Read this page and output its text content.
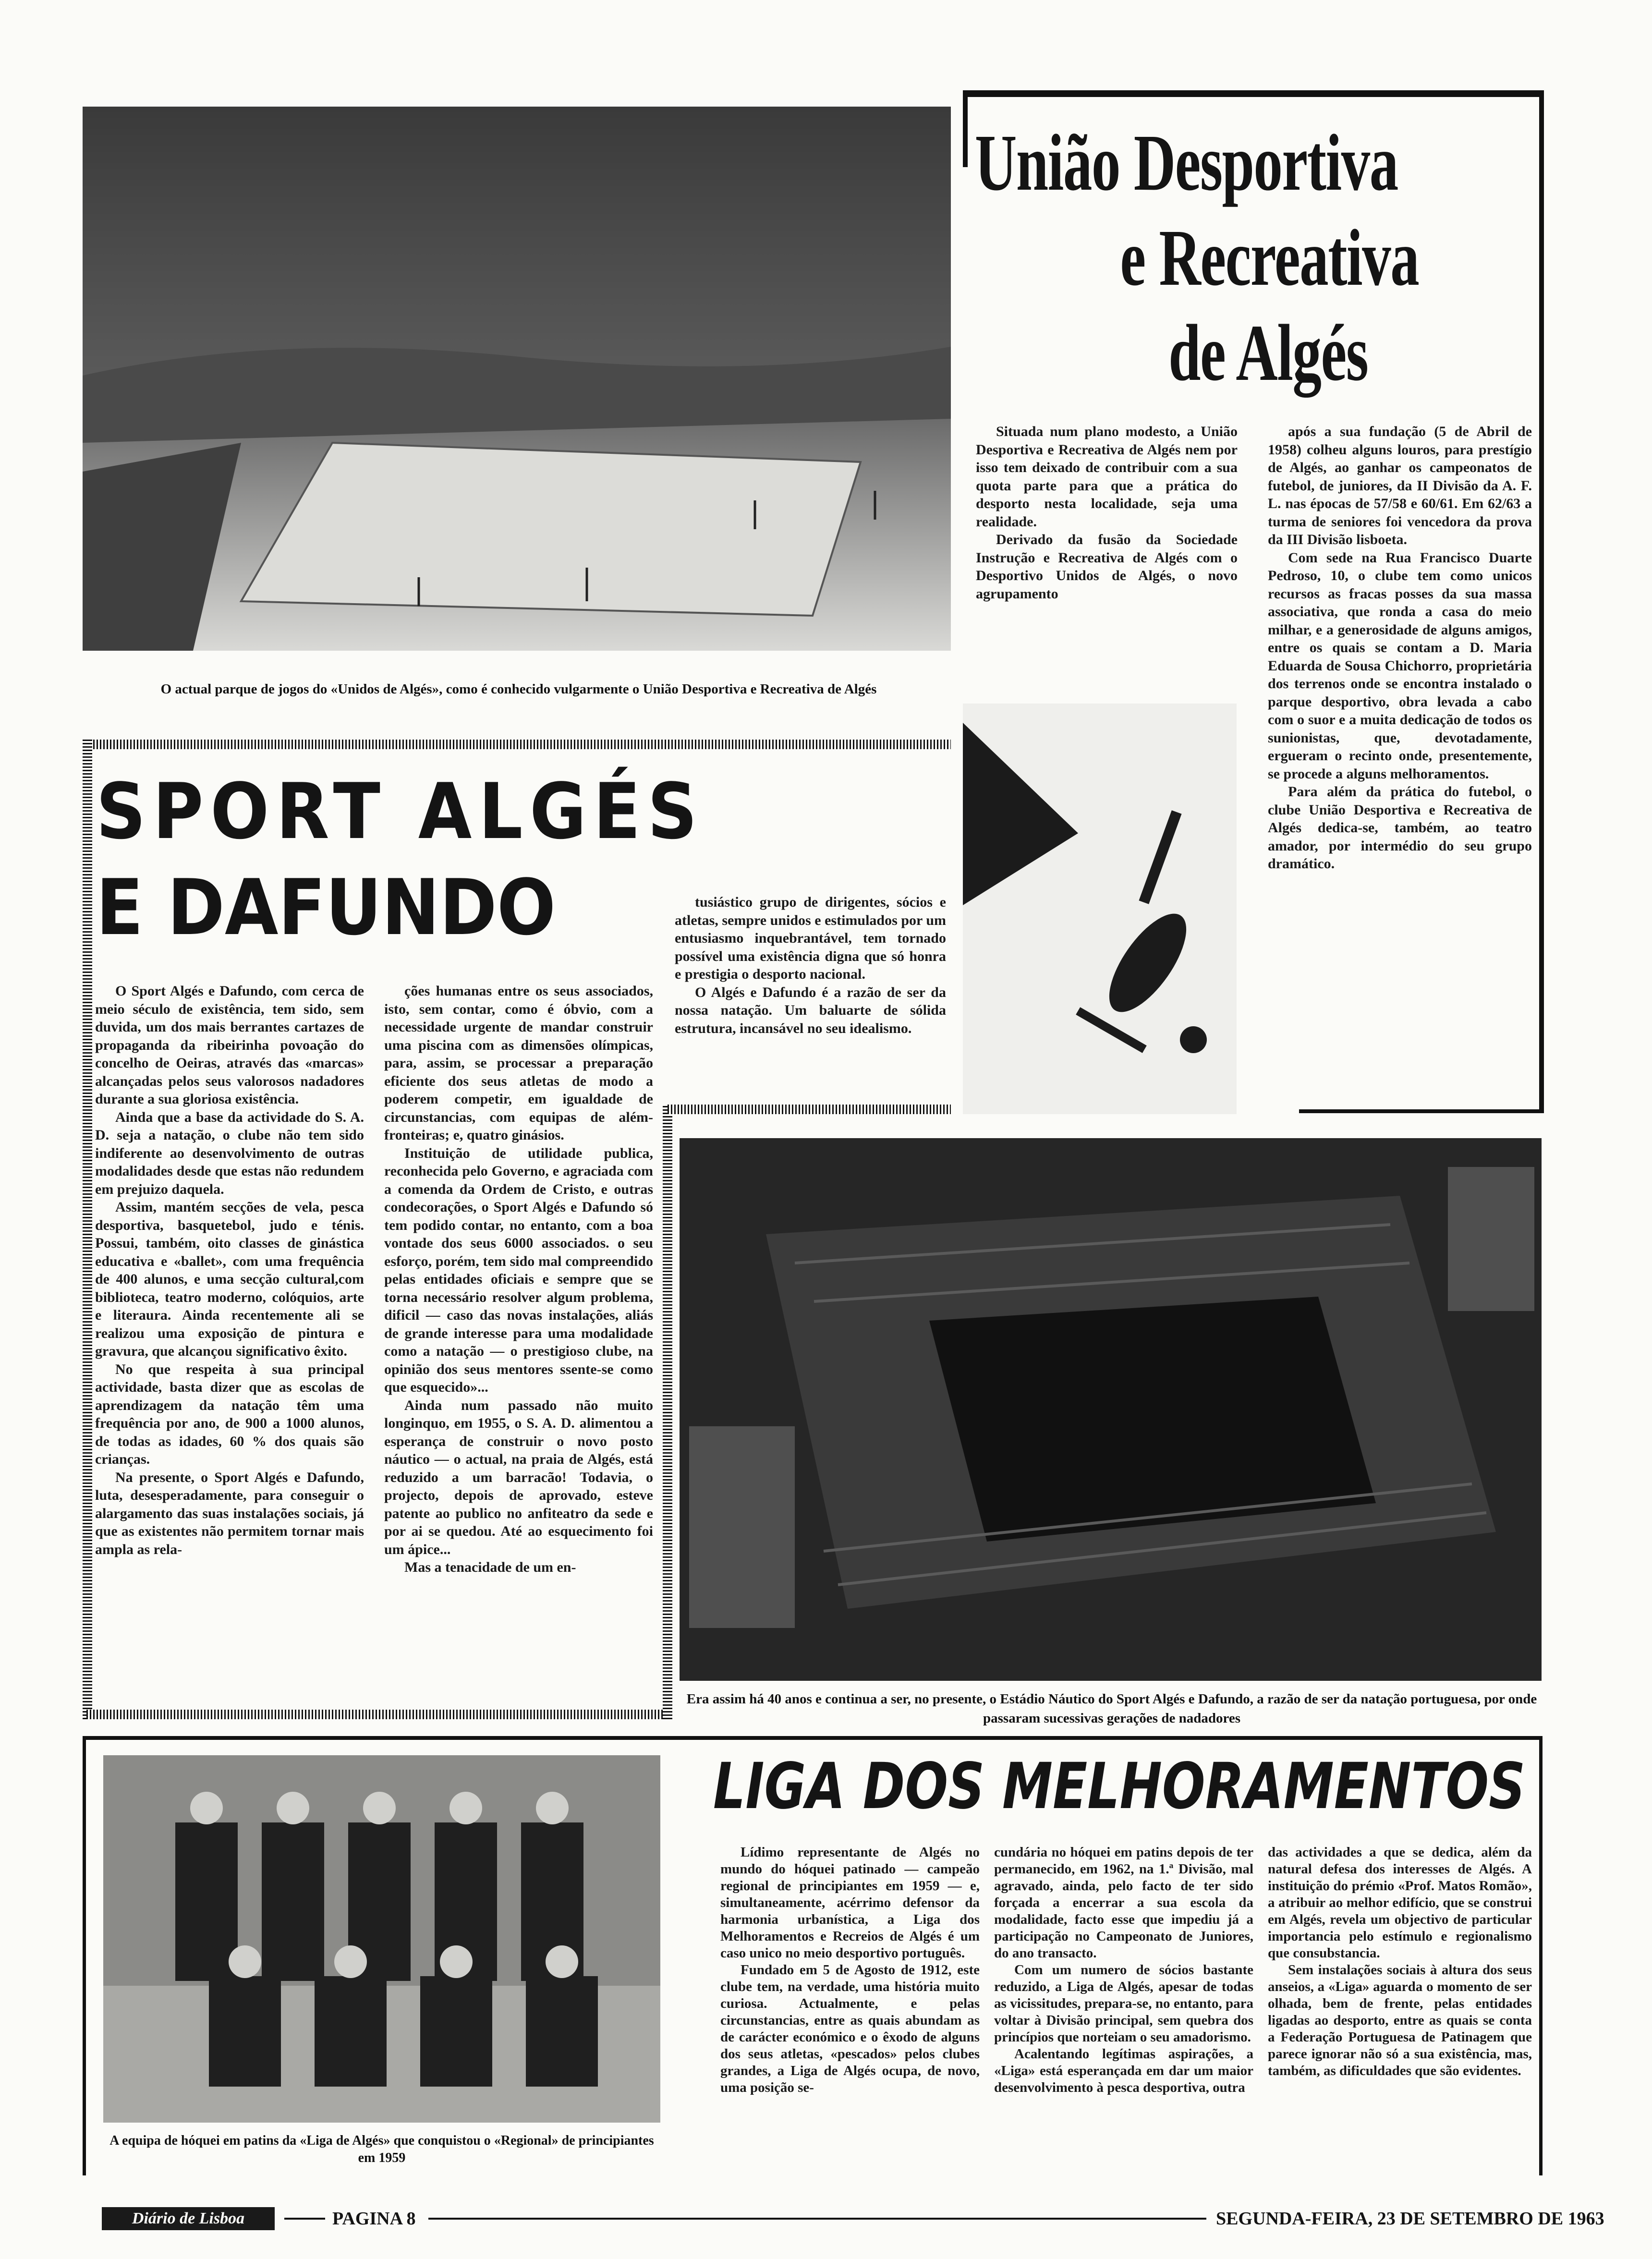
O actual parque de jogos do «Unidos de Algés», como é conhecido vulgarmente o União Desportiva e Recreativa de Algés
União Desportiva
e Recreativa
de Algés

Situada num plano modesto, a União Desportiva e Recreativa de Algés nem por isso tem deixado de contribuir com a sua quota parte para que a prática do desporto nesta localidade, seja uma realidade.

Derivado da fusão da Sociedade Instrução e Recreativa de Algés com o Desportivo Unidos de Algés, o novo agrupamento

após a sua fundação (5 de Abril de 1958) colheu alguns louros, para prestígio de Algés, ao ganhar os campeonatos de futebol, de juniores, da II Divisão da A. F. L. nas épocas de 57/58 e 60/61. Em 62/63 a turma de seniores foi vencedora da prova da III Divisão lisboeta.

Com sede na Rua Francisco Duarte Pedroso, 10, o clube tem como unicos recursos as fracas posses da sua massa associativa, que ronda a casa do meio milhar, e a generosidade de alguns amigos, entre os quais se contam a D. Maria Eduarda de Sousa Chichorro, proprietária dos terrenos onde se encontra instalado o parque desportivo, obra levada a cabo com o suor e a muita dedicação de todos os sunionistas, que, devotadamente, ergueram o recinto onde, presentemente, se procede a alguns melhoramentos.

Para além da prática do futebol, o clube União Desportiva e Recreativa de Algés dedica-se, também, ao teatro amador, por intermédio do seu grupo dramático.

SPORT ALGÉS
E DAFUNDO

O Sport Algés e Dafundo, com cerca de meio século de existência, tem sido, sem duvida, um dos mais berrantes cartazes de propaganda da ribeirinha povoação do concelho de Oeiras, através das «marcas» alcançadas pelos seus valorosos nadadores durante a sua gloriosa existência.

Ainda que a base da actividade do S. A. D. seja a natação, o clube não tem sido indiferente ao desenvolvimento de outras modalidades desde que estas não redundem em prejuizo daquela.

Assim, mantém secções de vela, pesca desportiva, basquetebol, judo e ténis. Possui, também, oito classes de ginástica educativa e «ballet», com uma frequência de 400 alunos, e uma secção cultural,com biblioteca, teatro moderno, colóquios, arte e literaura. Ainda recentemente ali se realizou uma exposição de pintura e gravura, que alcançou significativo êxito.

No que respeita à sua principal actividade, basta dizer que as escolas de aprendizagem da natação têm uma frequência por ano, de 900 a 1000 alunos, de todas as idades, 60 % dos quais são crianças.

Na presente, o Sport Algés e Dafundo, luta, desesperadamente, para conseguir o alargamento das suas instalações sociais, já que as existentes não permitem tornar mais ampla as rela-

ções humanas entre os seus associados, isto, sem contar, como é óbvio, com a necessidade urgente de mandar construir uma piscina com as dimensões olímpicas, para, assim, se processar a preparação eficiente dos seus atletas de modo a poderem competir, em igualdade de circunstancias, com equipas de além-fronteiras; e, quatro ginásios.

Instituição de utilidade publica, reconhecida pelo Governo, e agraciada com a comenda da Ordem de Cristo, e outras condecorações, o Sport Algés e Dafundo só tem podido contar, no entanto, com a boa vontade dos seus 6000 associados. o seu esforço, porém, tem sido mal compreendido pelas entidades oficiais e sempre que se torna necessário resolver algum problema, dificil — caso das novas instalações, aliás de grande interesse para uma modalidade como a natação — o prestigioso clube, na opinião dos seus mentores ssente-se como que esquecido»...

Ainda num passado não muito longinquo, em 1955, o S. A. D. alimentou a esperança de construir o novo posto náutico — o actual, na praia de Algés, está reduzido a um barracão! Todavia, o projecto, depois de aprovado, esteve patente ao publico no anfiteatro da sede e por ai se quedou. Até ao esquecimento foi um ápice...

Mas a tenacidade de um en-

tusiástico grupo de dirigentes, sócios e atletas, sempre unidos e estimulados por um entusiasmo inquebrantável, tem tornado possível uma existência digna que só honra e prestigia o desporto nacional.

O Algés e Dafundo é a razão de ser da nossa natação. Um baluarte de sólida estrutura, incansável no seu idealismo.

Era assim há 40 anos e continua a ser, no presente, o Estádio Náutico do Sport Algés e Dafundo, a razão de ser da natação portuguesa, por onde passaram sucessivas gerações de nadadores
A equipa de hóquei em patins da «Liga de Algés» que conquistou o «Regional» de principiantes em 1959
LIGA DOS MELHORAMENTOS

Lídimo representante de Algés no mundo do hóquei patinado — campeão regional de principiantes em 1959 — e, simultaneamente, acérrimo defensor da harmonia urbanística, a Liga dos Melhoramentos e Recreios de Algés é um caso unico no meio desportivo português.

Fundado em 5 de Agosto de 1912, este clube tem, na verdade, uma história muito curiosa. Actualmente, e pelas circunstancias, entre as quais abundam as de carácter económico e o êxodo de alguns dos seus atletas, «pescados» pelos clubes grandes, a Liga de Algés ocupa, de novo, uma posição se-

cundária no hóquei em patins depois de ter permanecido, em 1962, na 1.ª Divisão, mal agravado, ainda, pelo facto de ter sido forçada a encerrar a sua escola da modalidade, facto esse que impediu já a participação no Campeonato de Juniores, do ano transacto.

Com um numero de sócios bastante reduzido, a Liga de Algés, apesar de todas as vicissitudes, prepara-se, no entanto, para voltar à Divisão principal, sem quebra dos princípios que norteiam o seu amadorismo.

Acalentando legítimas aspirações, a «Liga» está esperançada em dar um maior desenvolvimento à pesca desportiva, outra

das actividades a que se dedica, além da natural defesa dos interesses de Algés. A instituição do prémio «Prof. Matos Romão», a atribuir ao melhor edifício, que se construi em Algés, revela um objectivo de particular importancia pelo estímulo e regionalismo que consubstancia.

Sem instalações sociais à altura dos seus anseios, a «Liga» aguarda o momento de ser olhada, bem de frente, pelas entidades ligadas ao desporto, entre as quais se conta a Federação Portuguesa de Patinagem que parece ignorar não só a sua existência, mas, também, as dificuldades que são evidentes.

Diário de Lisboa	PAGINA 8	SEGUNDA-FEIRA, 23 DE SETEMBRO DE 1963
